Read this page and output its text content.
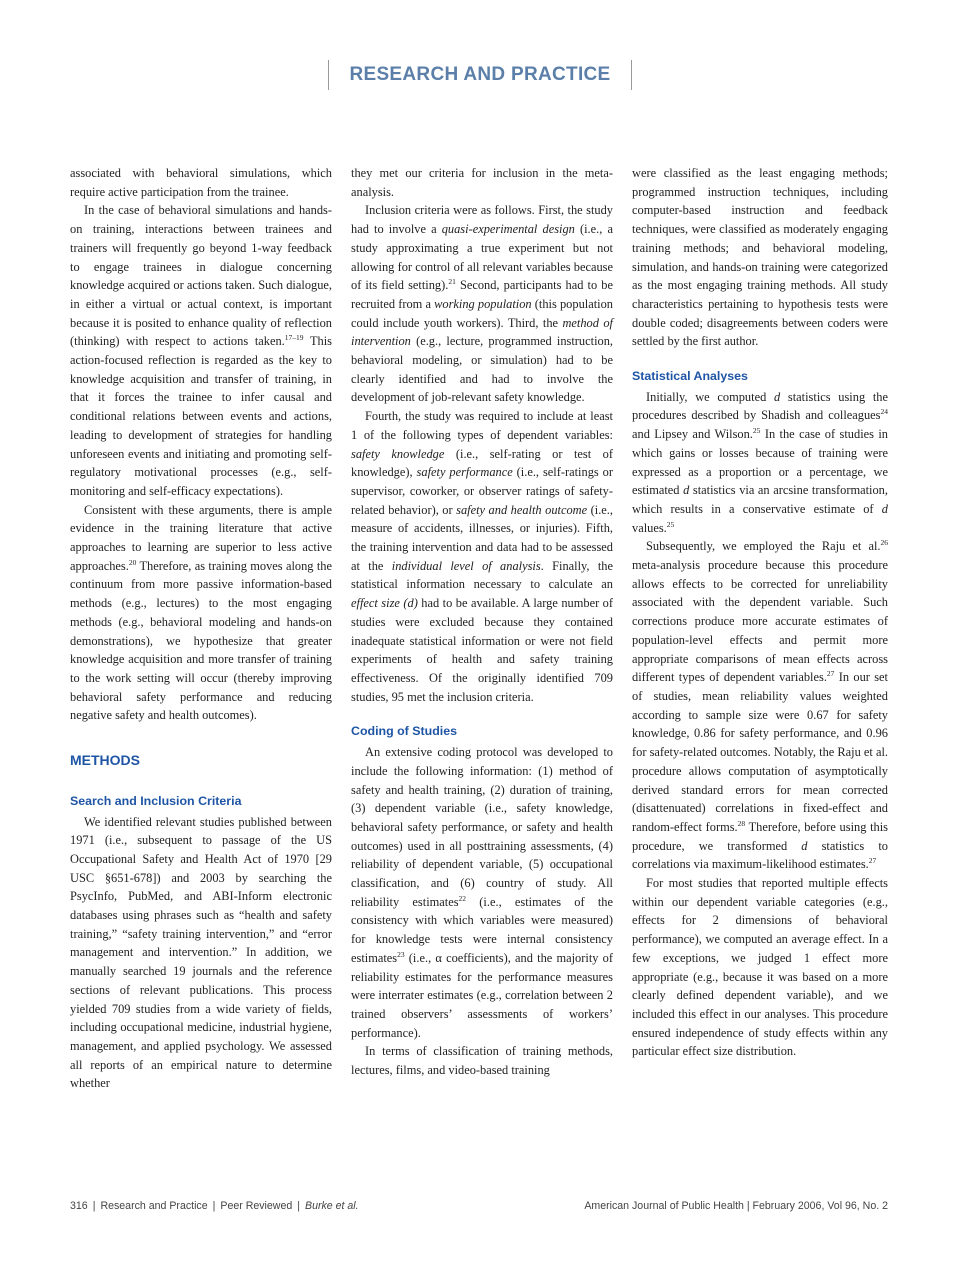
RESEARCH AND PRACTICE

associated with behavioral simulations, which require active participation from the trainee.

In the case of behavioral simulations and hands-on training, interactions between trainees and trainers will frequently go beyond 1-way feedback to engage trainees in dialogue concerning knowledge acquired or actions taken. Such dialogue, in either a virtual or actual context, is important because it is posited to enhance quality of reflection (thinking) with respect to actions taken.$^{17-19}$ This action-focused reflection is regarded as the key to knowledge acquisition and transfer of training, in that it forces the trainee to infer causal and conditional relations between events and actions, leading to development of strategies for handling unforeseen events and initiating and promoting self-regulatory motivational processes (e.g., self-monitoring and self-efficacy expectations).

Consistent with these arguments, there is ample evidence in the training literature that active approaches to learning are superior to less active approaches.$^{20}$ Therefore, as training moves along the continuum from more passive information-based methods (e.g., lectures) to the most engaging methods (e.g., behavioral modeling and hands-on demonstrations), we hypothesize that greater knowledge acquisition and more transfer of training to the work setting will occur (thereby improving behavioral safety performance and reducing negative safety and health outcomes).

METHODS
Search and Inclusion Criteria

We identified relevant studies published between 1971 (i.e., subsequent to passage of the US Occupational Safety and Health Act of 1970 [29 USC §651-678]) and 2003 by searching the PsycInfo, PubMed, and ABI-Inform electronic databases using phrases such as “health and safety training,” “safety training intervention,” and “error management and intervention.” In addition, we manually searched 19 journals and the reference sections of relevant publications. This process yielded 709 studies from a wide variety of fields, including occupational medicine, industrial hygiene, management, and applied psychology. We assessed all reports of an empirical nature to determine whether

they met our criteria for inclusion in the meta-analysis.

Inclusion criteria were as follows. First, the study had to involve a quasi-experimental design (i.e., a study approximating a true experiment but not allowing for control of all relevant variables because of its field setting).$^{21}$ Second, participants had to be recruited from a working population (this population could include youth workers). Third, the method of intervention (e.g., lecture, programmed instruction, behavioral modeling, or simulation) had to be clearly identified and had to involve the development of job-relevant safety knowledge.

Fourth, the study was required to include at least 1 of the following types of dependent variables: safety knowledge (i.e., self-rating or test of knowledge), safety performance (i.e., self-ratings or supervisor, coworker, or observer ratings of safety-related behavior), or safety and health outcome (i.e., measure of accidents, illnesses, or injuries). Fifth, the training intervention and data had to be assessed at the individual level of analysis. Finally, the statistical information necessary to calculate an effect size (d) had to be available. A large number of studies were excluded because they contained inadequate statistical information or were not field experiments of health and safety training effectiveness. Of the originally identified 709 studies, 95 met the inclusion criteria.

Coding of Studies

An extensive coding protocol was developed to include the following information: (1) method of safety and health training, (2) duration of training, (3) dependent variable (i.e., safety knowledge, behavioral safety performance, or safety and health outcomes) used in all posttraining assessments, (4) reliability of dependent variable, (5) occupational classification, and (6) country of study. All reliability estimates$^{22}$ (i.e., estimates of the consistency with which variables were measured) for knowledge tests were internal consistency estimates$^{23}$ (i.e., α coefficients), and the majority of reliability estimates for the performance measures were interrater estimates (e.g., correlation between 2 trained observers’ assessments of workers’ performance).

In terms of classification of training methods, lectures, films, and video-based training

were classified as the least engaging methods; programmed instruction techniques, including computer-based instruction and feedback techniques, were classified as moderately engaging training methods; and behavioral modeling, simulation, and hands-on training were categorized as the most engaging training methods. All study characteristics pertaining to hypothesis tests were double coded; disagreements between coders were settled by the first author.

Statistical Analyses

Initially, we computed d statistics using the procedures described by Shadish and colleagues$^{24}$ and Lipsey and Wilson.$^{25}$ In the case of studies in which gains or losses because of training were expressed as a proportion or a percentage, we estimated d statistics via an arcsine transformation, which results in a conservative estimate of d values.$^{25}$

Subsequently, we employed the Raju et al.$^{26}$ meta-analysis procedure because this procedure allows effects to be corrected for unreliability associated with the dependent variable. Such corrections produce more accurate estimates of population-level effects and permit more appropriate comparisons of mean effects across different types of dependent variables.$^{27}$ In our set of studies, mean reliability values weighted according to sample size were 0.67 for safety knowledge, 0.86 for safety performance, and 0.96 for safety-related outcomes. Notably, the Raju et al. procedure allows computation of asymptotically derived standard errors for mean corrected (disattenuated) correlations in fixed-effect and random-effect forms.$^{28}$ Therefore, before using this procedure, we transformed d statistics to correlations via maximum-likelihood estimates.$^{27}$

For most studies that reported multiple effects within our dependent variable categories (e.g., effects for 2 dimensions of behavioral performance), we computed an average effect. In a few exceptions, we judged 1 effect more appropriate (e.g., because it was based on a more clearly defined dependent variable), and we included this effect in our analyses. This procedure ensured independence of study effects within any particular effect size distribution.

316 | Research and Practice | Peer Reviewed | Burke et al.	American Journal of Public Health | February 2006, Vol 96, No. 2
